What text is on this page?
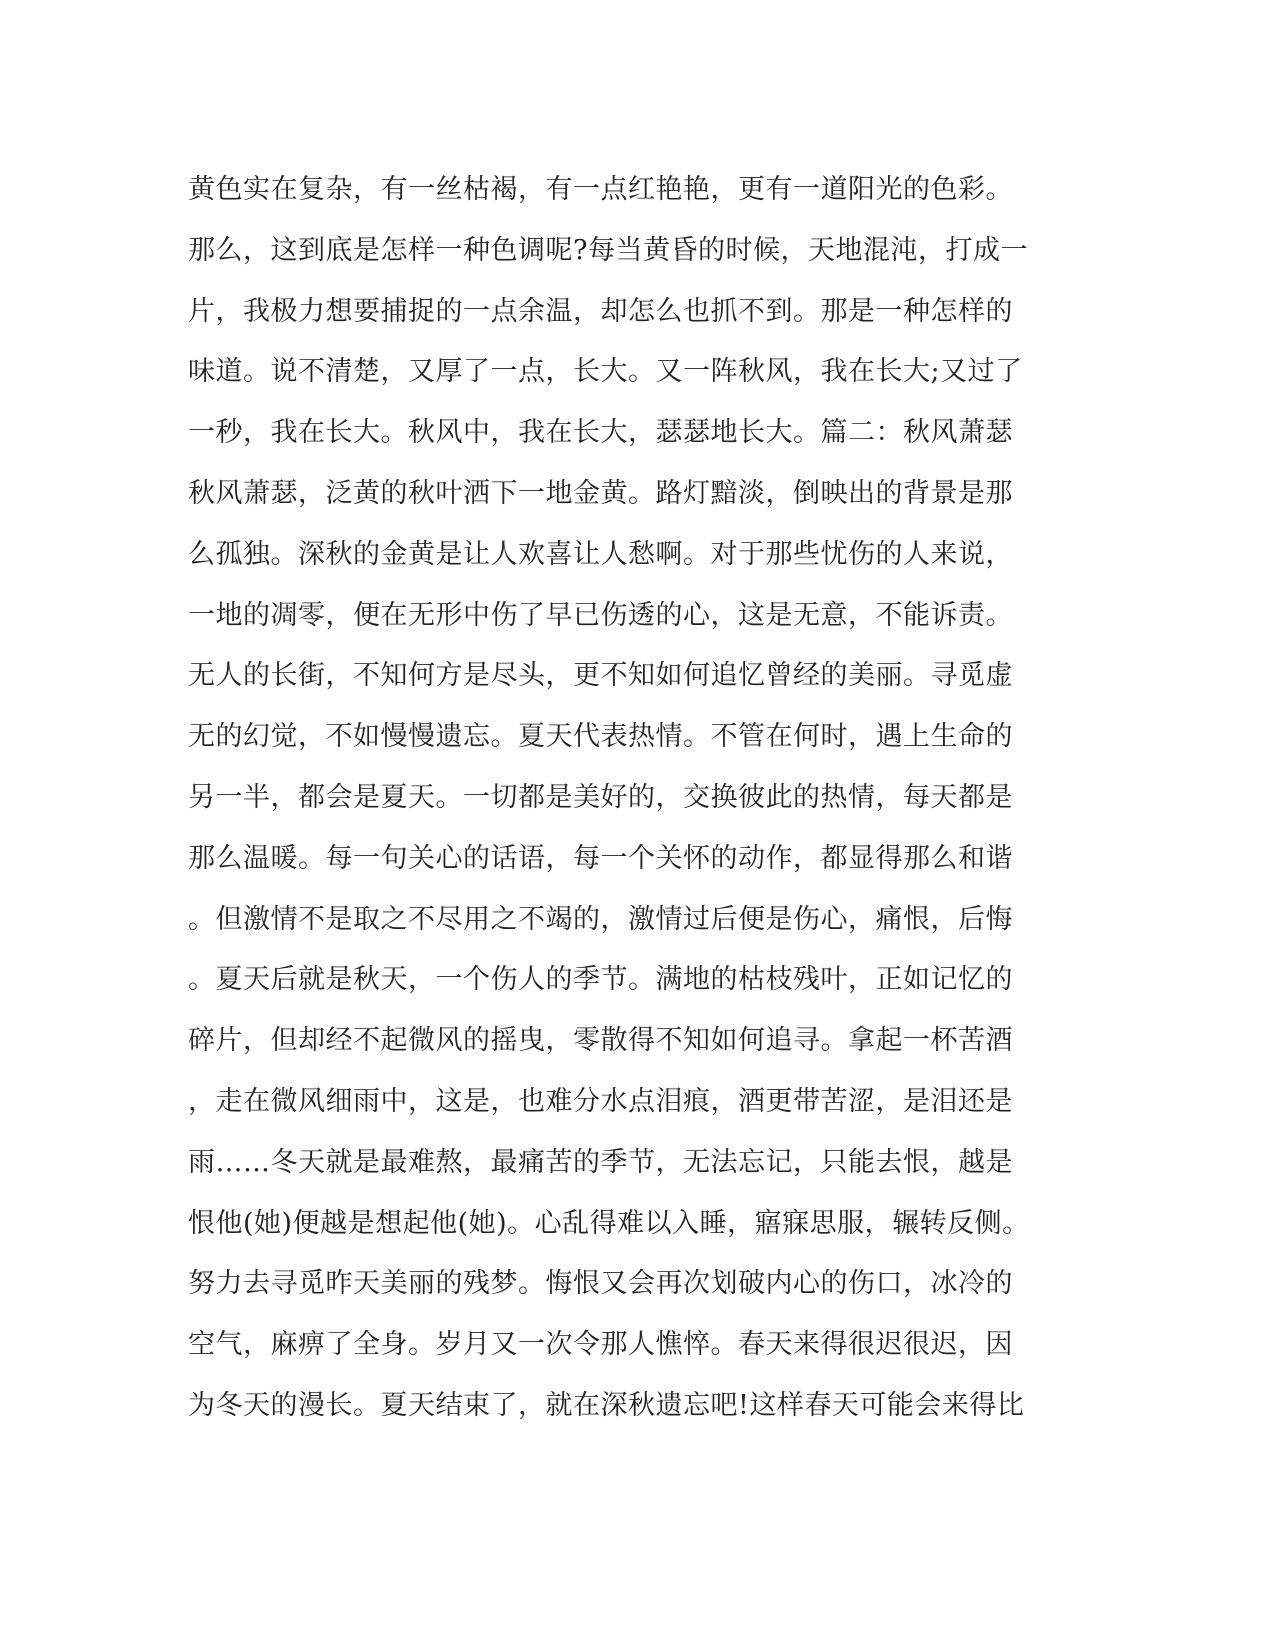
黄色实在复杂，有一丝枯褐，有一点红艳艳，更有一道阳光的色彩。
那么，这到底是怎样一种色调呢?每当黄昏的时候，天地混沌，打成一
片，我极力想要捕捉的一点余温，却怎么也抓不到。那是一种怎样的
味道。说不清楚，又厚了一点，长大。又一阵秋风，我在长大;又过了
一秒，我在长大。秋风中，我在长大，瑟瑟地长大。篇二：秋风萧瑟
秋风萧瑟，泛黄的秋叶洒下一地金黄。路灯黯淡，倒映出的背景是那
么孤独。深秋的金黄是让人欢喜让人愁啊。对于那些忧伤的人来说，
一地的凋零，便在无形中伤了早已伤透的心，这是无意，不能诉责。
无人的长街，不知何方是尽头，更不知如何追忆曾经的美丽。寻觅虚
无的幻觉，不如慢慢遗忘。夏天代表热情。不管在何时，遇上生命的
另一半，都会是夏天。一切都是美好的，交换彼此的热情，每天都是
那么温暖。每一句关心的话语，每一个关怀的动作，都显得那么和谐
。但激情不是取之不尽用之不竭的，激情过后便是伤心，痛恨，后悔
。夏天后就是秋天，一个伤人的季节。满地的枯枝残叶，正如记忆的
碎片，但却经不起微风的摇曳，零散得不知如何追寻。拿起一杯苦酒
，走在微风细雨中，这是，也难分水点泪痕，酒更带苦涩，是泪还是
雨……冬天就是最难熬，最痛苦的季节，无法忘记，只能去恨，越是
恨他(她)便越是想起他(她)。心乱得难以入睡，寤寐思服，辗转反侧。
努力去寻觅昨天美丽的残梦。悔恨又会再次划破内心的伤口，冰冷的
空气，麻痹了全身。岁月又一次令那人憔悴。春天来得很迟很迟，因
为冬天的漫长。夏天结束了，就在深秋遗忘吧!这样春天可能会来得比
